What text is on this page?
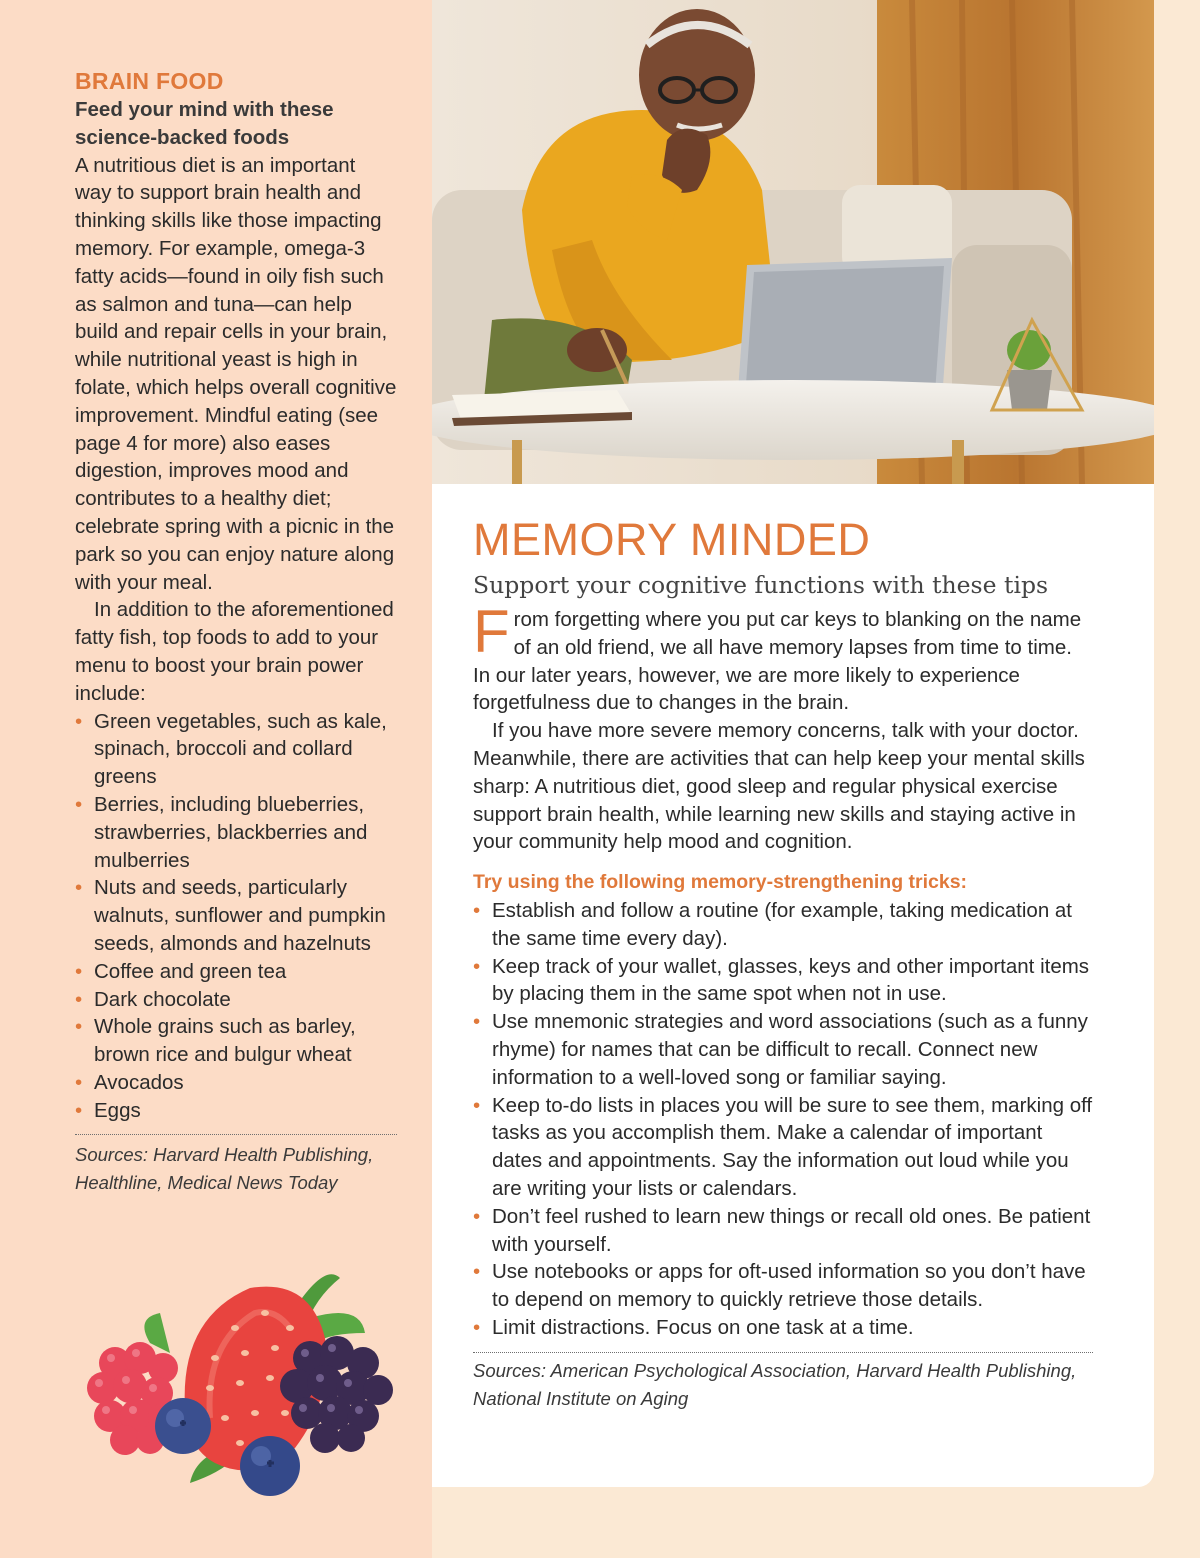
BRAIN FOOD
Feed your mind with these science-backed foods

A nutritious diet is an important way to support brain health and thinking skills like those impacting memory. For example, omega-3 fatty acids—found in oily fish such as salmon and tuna—can help build and repair cells in your brain, while nutritional yeast is high in folate, which helps overall cognitive improvement. Mindful eating (see page 4 for more) also eases digestion, improves mood and contributes to a healthy diet; celebrate spring with a picnic in the park so you can enjoy nature along with your meal.

In addition to the aforementioned fatty fish, top foods to add to your menu to boost your brain power include:

• Green vegetables, such as kale, spinach, broccoli and collard greens
• Berries, including blueberries, strawberries, blackberries and mulberries
• Nuts and seeds, particularly walnuts, sunflower and pumpkin seeds, almonds and hazelnuts
• Coffee and green tea
• Dark chocolate
• Whole grains such as barley, brown rice and bulgur wheat
• Avocados
• Eggs
Sources: Harvard Health Publishing, Healthline, Medical News Today
MEMORY MINDED
Support your cognitive functions with these tips

From forgetting where you put car keys to blanking on the name of an old friend, we all have memory lapses from time to time. In our later years, however, we are more likely to experience forgetfulness due to changes in the brain.

If you have more severe memory concerns, talk with your doctor. Meanwhile, there are activities that can help keep your mental skills sharp: A nutritious diet, good sleep and regular physical exercise support brain health, while learning new skills and staying active in your community help mood and cognition.

Try using the following memory-strengthening tricks:
• Establish and follow a routine (for example, taking medication at the same time every day).
• Keep track of your wallet, glasses, keys and other important items by placing them in the same spot when not in use.
• Use mnemonic strategies and word associations (such as a funny rhyme) for names that can be difficult to recall. Connect new information to a well-loved song or familiar saying.
• Keep to-do lists in places you will be sure to see them, marking off tasks as you accomplish them. Make a calendar of important dates and appointments. Say the information out loud while you are writing your lists or calendars.
• Don’t feel rushed to learn new things or recall old ones. Be patient with yourself.
• Use notebooks or apps for oft-used information so you don’t have to depend on memory to quickly retrieve those details.
• Limit distractions. Focus on one task at a time.
Sources: American Psychological Association, Harvard Health Publishing, National Institute on Aging
